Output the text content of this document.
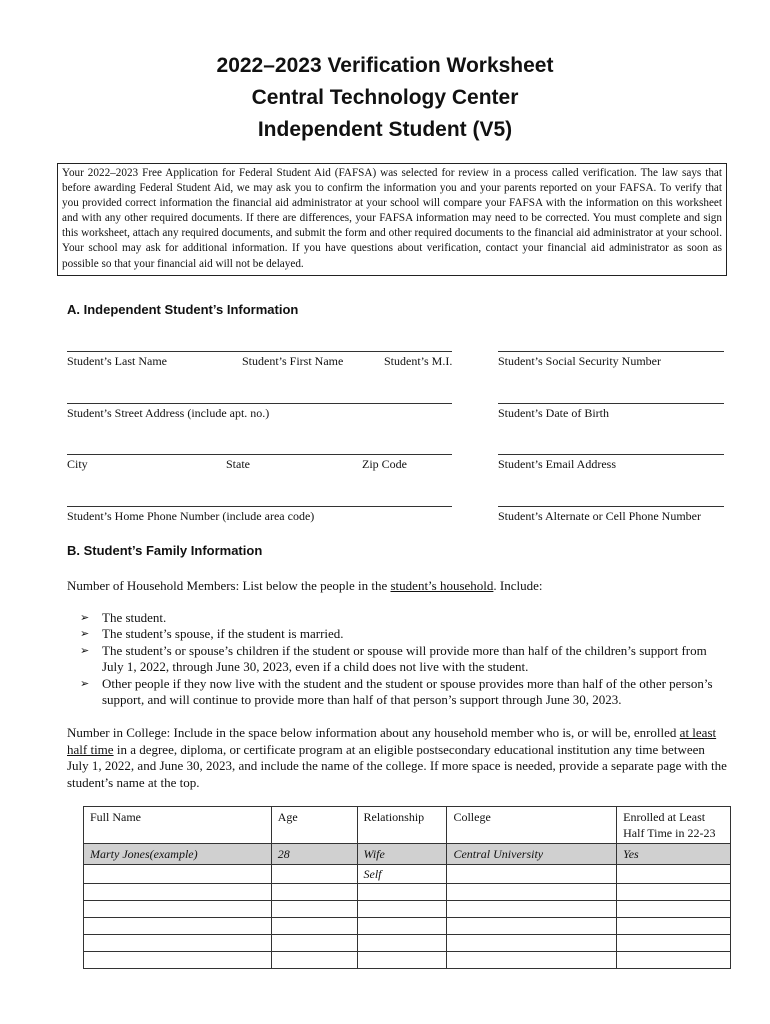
2022–2023 Verification Worksheet
Central Technology Center
Independent Student (V5)
Your 2022–2023 Free Application for Federal Student Aid (FAFSA) was selected for review in a process called verification. The law says that before awarding Federal Student Aid, we may ask you to confirm the information you and your parents reported on your FAFSA. To verify that you provided correct information the financial aid administrator at your school will compare your FAFSA with the information on this worksheet and with any other required documents. If there are differences, your FAFSA information may need to be corrected. You must complete and sign this worksheet, attach any required documents, and submit the form and other required documents to the financial aid administrator at your school. Your school may ask for additional information. If you have questions about verification, contact your financial aid administrator as soon as possible so that your financial aid will not be delayed.
A. Independent Student’s Information
Student’s Last Name	Student’s First Name	Student’s M.I.	Student’s Social Security Number
Student’s Street Address (include apt. no.)	Student’s Date of Birth
City	State	Zip Code	Student’s Email Address
Student’s Home Phone Number (include area code)	Student’s Alternate or Cell Phone Number
B. Student’s Family Information
Number of Household Members: List below the people in the student’s household. Include:
➢ The student.
➢ The student’s spouse, if the student is married.
➢ The student’s or spouse’s children if the student or spouse will provide more than half of the children’s support from July 1, 2022, through June 30, 2023, even if a child does not live with the student.
➢ Other people if they now live with the student and the student or spouse provides more than half of the other person’s support, and will continue to provide more than half of that person’s support through June 30, 2023.
Number in College: Include in the space below information about any household member who is, or will be, enrolled at least half time in a degree, diploma, or certificate program at an eligible postsecondary educational institution any time between July 1, 2022, and June 30, 2023, and include the name of the college. If more space is needed, provide a separate page with the student’s name at the top.
Full Name	Age	Relationship	College	Enrolled at Least Half Time in 22-23
Marty Jones(example)	28	Wife	Central University	Yes
		Self		
